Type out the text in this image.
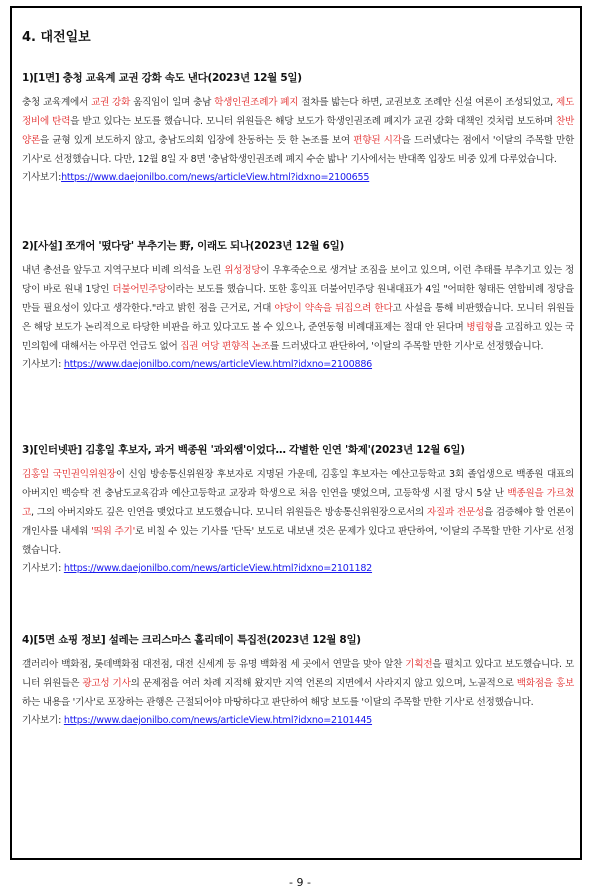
4. 대전일보

1)[1면] 충청 교육계 교권 강화 속도 낸다(2023년 12월 5일)

충청 교육계에서 교권 강화 움직임이 일며 충남 학생인권조례가 폐지 절차를 밟는다 하면, 교권보호 조례안 신설 여론이 조성되었고, 제도 정비에 탄력을 받고 있다는 보도를 했습니다. 모니터 위원들은 해당 보도가 학생인권조례 폐지가 교권 강화 대책인 것처럼 보도하며 찬반양론을 균형 있게 보도하지 않고, 충남도의회 입장에 찬동하는 듯 한 논조를 보여 편향된 시각을 드러냈다는 점에서 '이달의 주목할 만한 기사'로 선정했습니다. 다만, 12월 8일 자 8면 '충남학생인권조례 폐지 수순 밟나' 기사에서는 반대쪽 입장도 비중 있게 다루었습니다.

기사보기:https://www.daejonilbo.com/news/articleView.html?idxno=2100655

2)[사설] 쪼개어 '떴다당' 부추기는 野, 이래도 되나(2023년 12월 6일)

내년 총선을 앞두고 지역구보다 비례 의석을 노린 위성정당이 우후죽순으로 생겨날 조짐을 보이고 있으며, 이런 추태를 부추기고 있는 정당이 바로 원내 1당인 더불어민주당이라는 보도를 했습니다. 또한 홍익표 더불어민주당 원내대표가 4일 "어떠한 형태든 연합비례 정당을 만들 필요성이 있다고 생각한다."라고 밝힌 점을 근거로, 거대 야당이 약속을 뒤집으려 한다고 사설을 통해 비판했습니다. 모니터 위원들은 해당 보도가 논리적으로 타당한 비판을 하고 있다고도 볼 수 있으나, 준연동형 비례대표제는 절대 안 된다며 병립형을 고집하고 있는 국민의힘에 대해서는 아무런 언급도 없어 집권 여당 편향적 논조를 드러냈다고 판단하여, '이달의 주목할 만한 기사'로 선정했습니다.

기사보기: https://www.daejonilbo.com/news/articleView.html?idxno=2100886

3)[인터넷판] 김홍일 후보자, 과거 백종원 '과외쌤'이었다… 각별한 인연 '화제'(2023년 12월 6일)

김홍일 국민권익위원장이 신임 방송통신위원장 후보자로 지명된 가운데, 김홍일 후보자는 예산고등학교 3회 졸업생으로 백종원 대표의 아버지인 백승탁 전 충남도교육감과 예산고등학교 교장과 학생으로 처음 인연을 맺었으며, 고등학생 시절 당시 5살 난 백종원을 가르쳤고, 그의 아버지와도 깊은 인연을 맺었다고 보도했습니다. 모니터 위원들은 방송통신위원장으로서의 자질과 전문성을 검증해야 할 언론이 개인사를 내세워 '띄워 주기'로 비칠 수 있는 기사를 '단독' 보도로 내보낸 것은 문제가 있다고 판단하여, '이달의 주목할 만한 기사'로 선정했습니다.

기사보기: https://www.daejonilbo.com/news/articleView.html?idxno=2101182

4)[5면 쇼핑 정보] 설레는 크리스마스 홀리데이 특집전(2023년 12월 8일)

갤러리아 백화점, 롯데백화점 대전점, 대전 신세계 등 유명 백화점 세 곳에서 연말을 맞아 알찬 기획전을 펼치고 있다고 보도했습니다. 모니터 위원들은 광고성 기사의 문제점을 여러 차례 지적해 왔지만 지역 언론의 지면에서 사라지지 않고 있으며, 노골적으로 백화점을 홍보하는 내용을 '기사'로 포장하는 관행은 근절되어야 마땅하다고 판단하여 해당 보도를 '이달의 주목할 만한 기사'로 선정했습니다.

기사보기: https://www.daejonilbo.com/news/articleView.html?idxno=2101445

- 9 -
